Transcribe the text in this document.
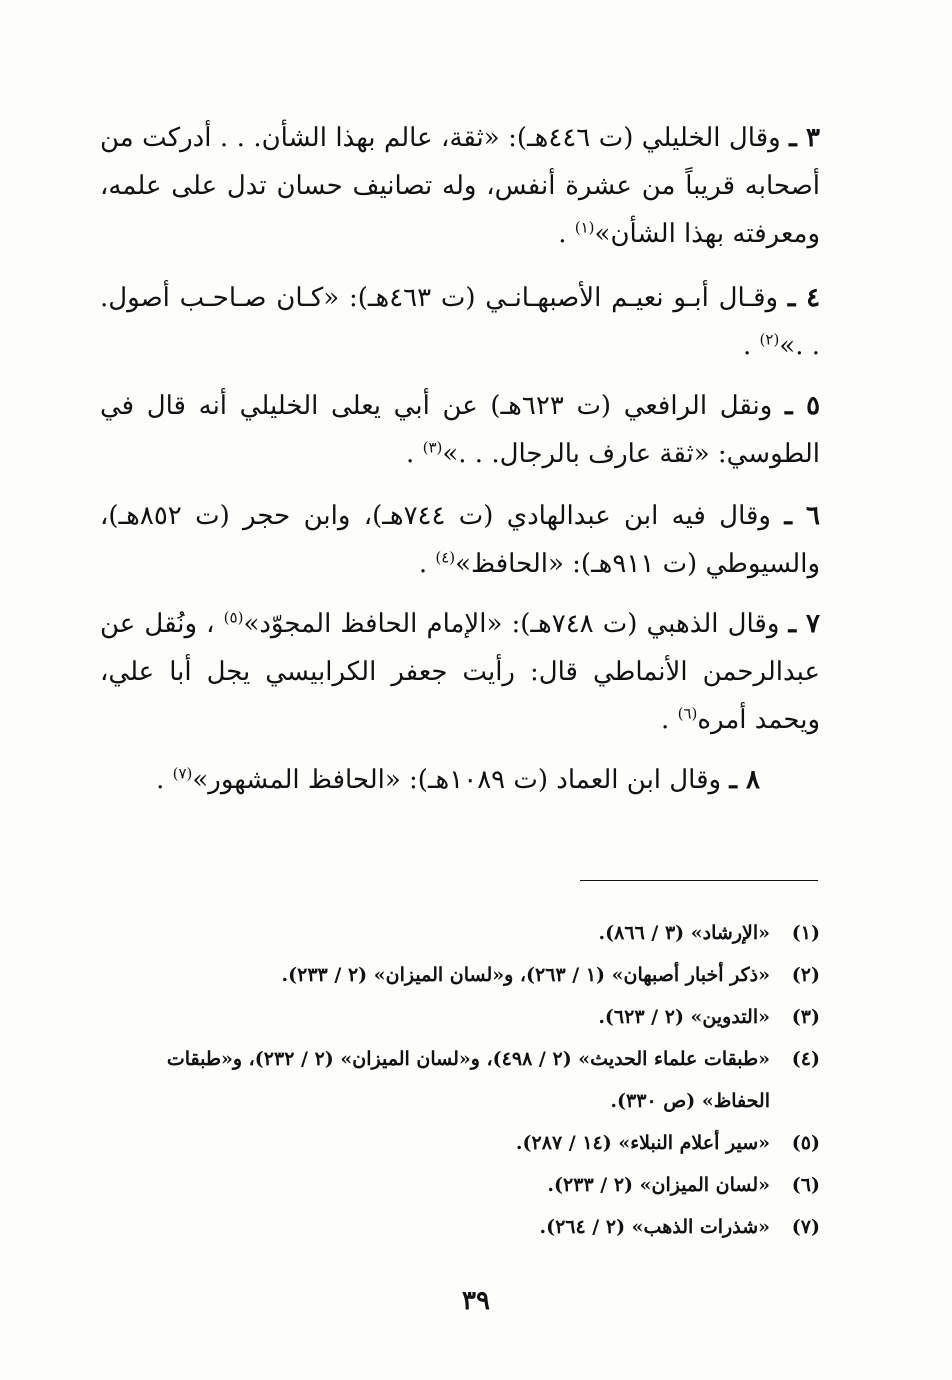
٣ ـ وقال الخليلي (ت ٤٤٦هـ): «ثقة، عالم بهذا الشأن. . . أدركت من أصحابه قريباً من عشرة أنفس، وله تصانيف حسان تدل على علمه، ومعرفته بهذا الشأن»$^{(١)}$ .
٤ ـ وقـال أبـو نعيـم الأصبهـانـي (ت ٤٦٣هـ): «كـان صـاحـب أصول. . .»$^{(٢)}$ .
٥ ـ ونقل الرافعي (ت ٦٢٣هـ) عن أبي يعلى الخليلي أنه قال في الطوسي: «ثقة عارف بالرجال. . .»$^{(٣)}$ .
٦ ـ وقال فيه ابن عبدالهادي (ت ٧٤٤هـ)، وابن حجر (ت ٨٥٢هـ)، والسيوطي (ت ٩١١هـ): «الحافظ»$^{(٤)}$ .
٧ ـ وقال الذهبي (ت ٧٤٨هـ): «الإمام الحافظ المجوّد»$^{(٥)}$ ، ونُقل عن عبدالرحمن الأنماطي قال: رأيت جعفر الكرابيسي يجل أبا علي، ويحمد أمره$^{(٦)}$ .
٨ ـ وقال ابن العماد (ت ١٠٨٩هـ): «الحافظ المشهور»$^{(٧)}$ .
(١)«الإرشاد» (٣ / ٨٦٦).
(٢)«ذكر أخبار أصبهان» (١ / ٢٦٣)، و«لسان الميزان» (٢ / ٢٣٣).
(٣)«التدوين» (٢ / ٦٢٣).
(٤)«طبقات علماء الحديث» (٢ / ٤٩٨)، و«لسان الميزان» (٢ / ٢٣٢)، و«طبقات
الحفاظ» (ص ٣٣٠).
(٥)«سير أعلام النبلاء» (١٤ / ٢٨٧).
(٦)«لسان الميزان» (٢ / ٢٣٣).
(٧)«شذرات الذهب» (٢ / ٢٦٤).
٣٩
